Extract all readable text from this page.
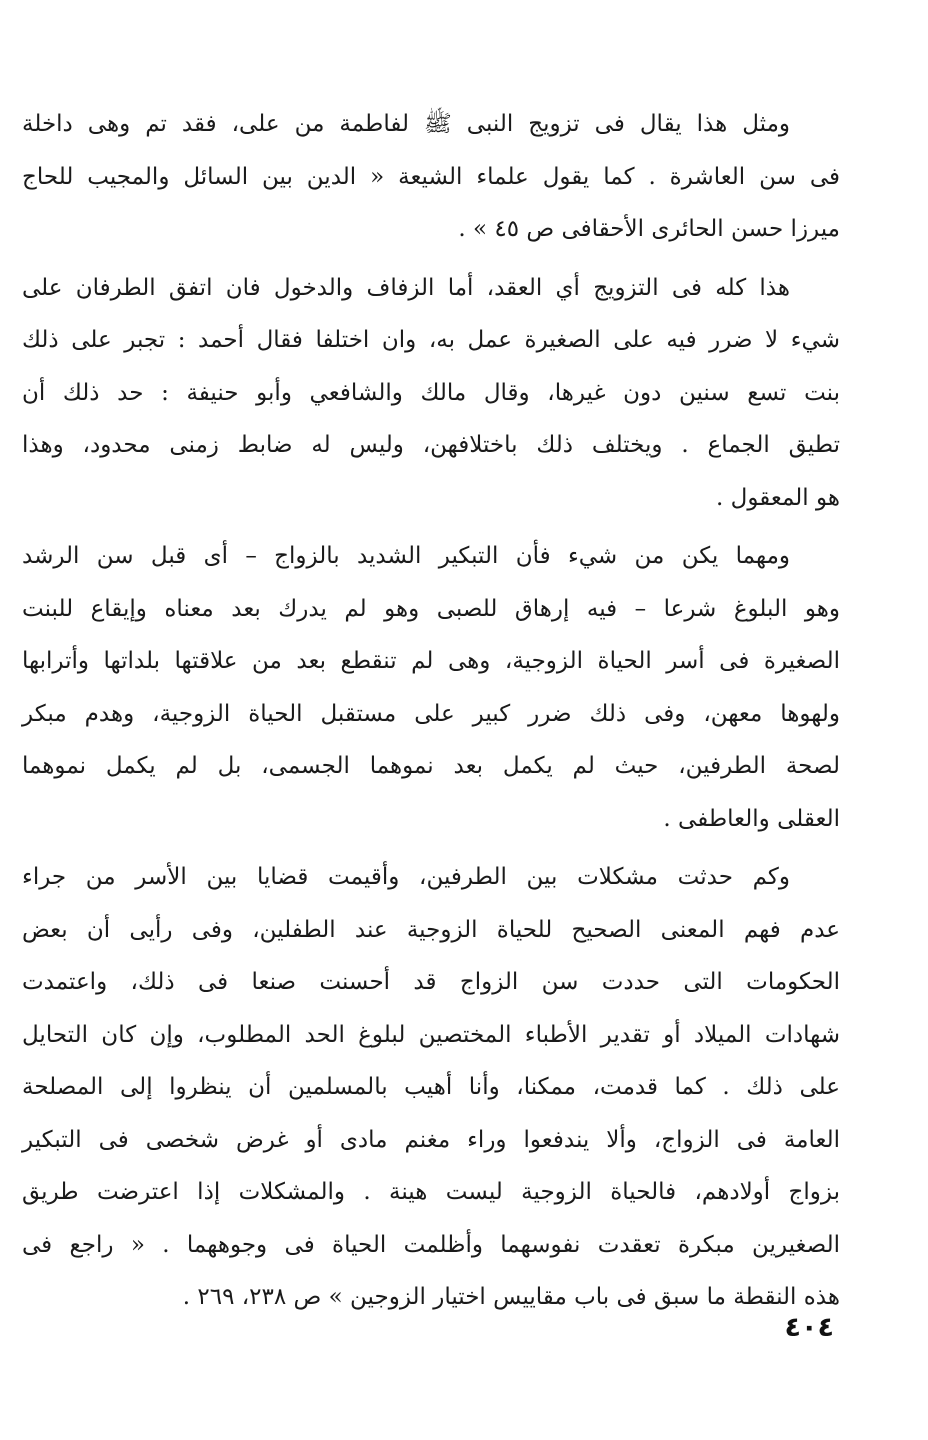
ومثل هذا يقال فى تزويج النبى ﷺ لفاطمة من على، فقد تم وهى داخلة
فى سن العاشرة . كما يقول علماء الشيعة « الدين بين السائل والمجيب للحاج
ميرزا حسن الحائرى الأحقافى ص ٤٥ » .

هذا كله فى التزويج أي العقد، أما الزفاف والدخول فان اتفق الطرفان على
شيء لا ضرر فيه على الصغيرة عمل به، وان اختلفا فقال أحمد : تجبر على ذلك
بنت تسع سنين دون غيرها، وقال مالك والشافعي وأبو حنيفة : حد ذلك أن
تطيق الجماع . ويختلف ذلك باختلافهن، وليس له ضابط زمنى محدود، وهذا
هو المعقول .

ومهما يكن من شيء فأن التبكير الشديد بالزواج – أى قبل سن الرشد
وهو البلوغ شرعا – فيه إرهاق للصبى وهو لم يدرك بعد معناه وإيقاع للبنت
الصغيرة فى أسر الحياة الزوجية، وهى لم تنقطع بعد من علاقتها بلداتها وأترابها
ولهوها معهن، وفى ذلك ضرر كبير على مستقبل الحياة الزوجية، وهدم مبكر
لصحة الطرفين، حيث لم يكمل بعد نموهما الجسمى، بل لم يكمل نموهما
العقلى والعاطفى .

وكم حدثت مشكلات بين الطرفين، وأقيمت قضايا بين الأسر من جراء
عدم فهم المعنى الصحيح للحياة الزوجية عند الطفلين، وفى رأيى أن بعض
الحكومات التى حددت سن الزواج قد أحسنت صنعا فى ذلك، واعتمدت
شهادات الميلاد أو تقدير الأطباء المختصين لبلوغ الحد المطلوب، وإن كان التحايل
على ذلك . كما قدمت، ممكنا، وأنا أهيب بالمسلمين أن ينظروا إلى المصلحة
العامة فى الزواج، وألا يندفعوا وراء مغنم مادى أو غرض شخصى فى التبكير
بزواج أولادهم، فالحياة الزوجية ليست هينة . والمشكلات إذا اعترضت طريق
الصغيرين مبكرة تعقدت نفوسهما وأظلمت الحياة فى وجوههما . « راجع فى
هذه النقطة ما سبق فى باب مقاييس اختيار الزوجين » ص ٢٣٨، ٢٦٩ .

٤٠٤
